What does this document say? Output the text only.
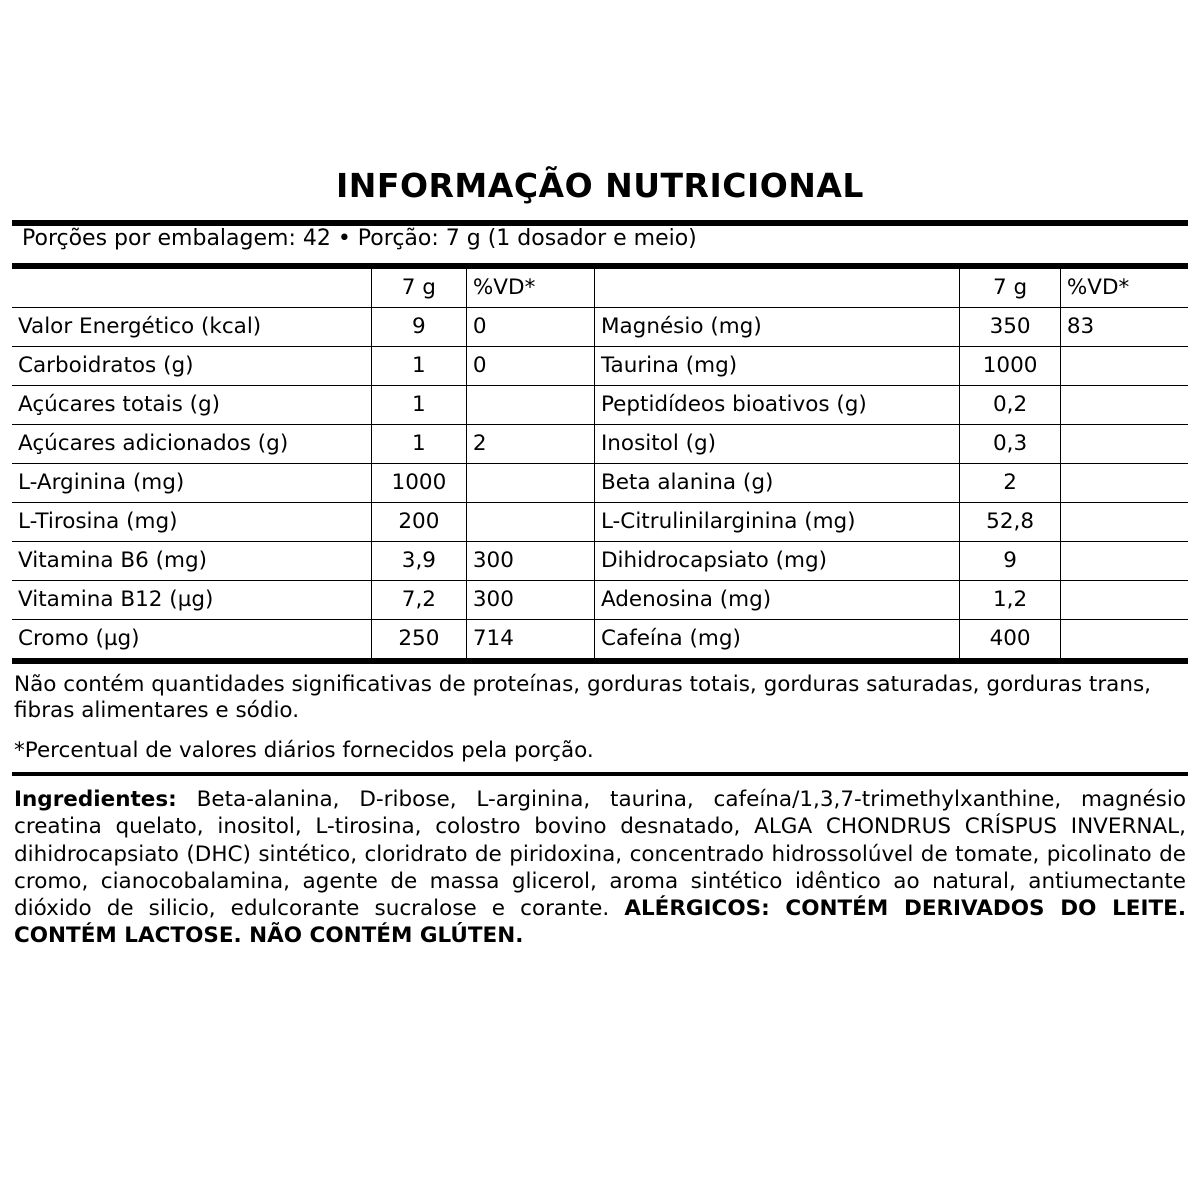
INFORMAÇÃO NUTRICIONAL
Porções por embalagem: 42 • Porção: 7 g (1 dosador e meio)
	7 g	%VD*		7 g	%VD*
Valor Energético (kcal)	9	0	Magnésio (mg)	350	83
Carboidratos (g)	1	0	Taurina (mg)	1000	
Açúcares totais (g)	1		Peptidídeos bioativos (g)	0,2	
Açúcares adicionados (g)	1	2	Inositol (g)	0,3	
L-Arginina (mg)	1000		Beta alanina (g)	2	
L-Tirosina (mg)	200		L-Citrulinilarginina (mg)	52,8	
Vitamina B6 (mg)	3,9	300	Dihidrocapsiato (mg)	9	
Vitamina B12 (µg)	7,2	300	Adenosina (mg)	1,2	
Cromo (µg)	250	714	Cafeína (mg)	400	

Não contém quantidades significativas de proteínas, gorduras totais, gorduras saturadas, gorduras trans, fibras alimentares e sódio.

*Percentual de valores diários fornecidos pela porção.

Ingredientes: Beta-alanina, D-ribose, L-arginina, taurina, cafeína/1,3,7-trimethylxanthine, magnésio creatina quelato, inositol, L-tirosina, colostro bovino desnatado, ALGA CHONDRUS CRÍSPUS INVERNAL, dihidrocapsiato (DHC) sintético, cloridrato de piridoxina, concentrado hidrossolúvel de tomate, picolinato de cromo, cianocobalamina, agente de massa glicerol, aroma sintético idêntico ao natural, antiumectante dióxido de silicio, edulcorante sucralose e corante. ALÉRGICOS: CONTÉM DERIVADOS DO LEITE. CONTÉM LACTOSE. NÃO CONTÉM GLÚTEN.
